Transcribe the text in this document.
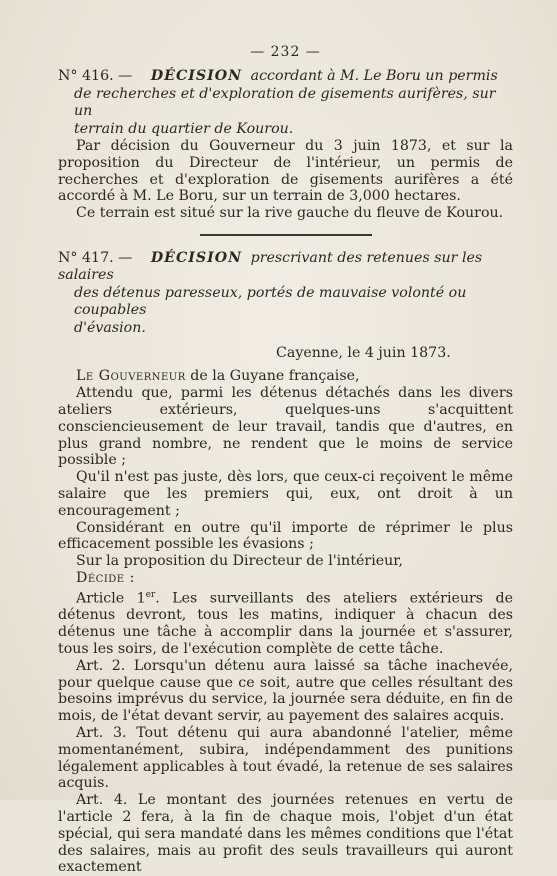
— 232 —
N° 416. — DÉCISION accordant à M. Le Boru un permis
de recherches et d'exploration de gisements aurifères, sur un
terrain du quartier de Kourou.

Par décision du Gouverneur du 3 juin 1873, et sur la proposition du Directeur de l'intérieur, un permis de recherches et d'exploration de gisements aurifères a été accordé à M. Le Boru, sur un terrain de 3,000 hectares.

Ce terrain est situé sur la rive gauche du fleuve de Kourou.

N° 417. — DÉCISION prescrivant des retenues sur les salaires
des détenus paresseux, portés de mauvaise volonté ou coupables
d'évasion.
Cayenne, le 4 juin 1873.

Le Gouverneur de la Guyane française,

Attendu que, parmi les détenus détachés dans les divers ateliers extérieurs, quelques-uns s'acquittent consciencieusement de leur travail, tandis que d'autres, en plus grand nombre, ne rendent que le moins de service possible ;

Qu'il n'est pas juste, dès lors, que ceux-ci reçoivent le même salaire que les premiers qui, eux, ont droit à un encouragement ;

Considérant en outre qu'il importe de réprimer le plus efficacement possible les évasions ;

Sur la proposition du Directeur de l'intérieur,

Décide :

Article 1er. Les surveillants des ateliers extérieurs de détenus devront, tous les matins, indiquer à chacun des détenus une tâche à accomplir dans la journée et s'assurer, tous les soirs, de l'exécution complète de cette tâche.

Art. 2. Lorsqu'un détenu aura laissé sa tâche inachevée, pour quelque cause que ce soit, autre que celles résultant des besoins imprévus du service, la journée sera déduite, en fin de mois, de l'état devant servir, au payement des salaires acquis.

Art. 3. Tout détenu qui aura abandonné l'atelier, même momentanément, subira, indépendamment des punitions légalement applicables à tout évadé, la retenue de ses salaires acquis.

Art. 4. Le montant des journées retenues en vertu de l'article 2 fera, à la fin de chaque mois, l'objet d'un état spécial, qui sera mandaté dans les mêmes conditions que l'état des salaires, mais au profit des seuls travailleurs qui auront exactement
